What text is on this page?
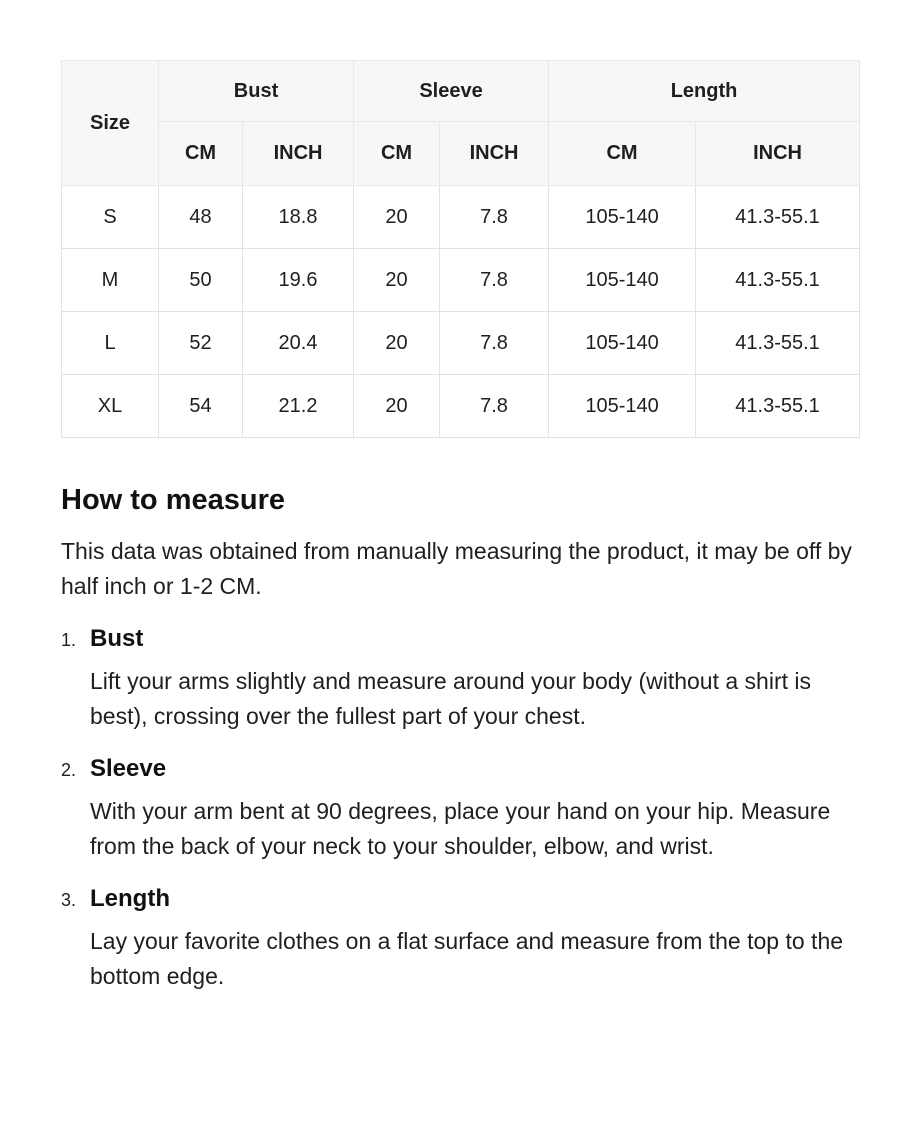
Size	Bust		Sleeve		Length	
	CM	INCH	CM	INCH	CM	INCH
S	48	18.8	20	7.8	105-140	41.3-55.1
M	50	19.6	20	7.8	105-140	41.3-55.1
L	52	20.4	20	7.8	105-140	41.3-55.1
XL	54	21.2	20	7.8	105-140	41.3-55.1
How to measure

This data was obtained from manually measuring the product, it may be off by half inch or 1-2 CM.

1. Bust

Lift your arms slightly and measure around your body (without a shirt is best), crossing over the fullest part of your chest.

2. Sleeve

With your arm bent at 90 degrees, place your hand on your hip. Measure from the back of your neck to your shoulder, elbow, and wrist.

3. Length

Lay your favorite clothes on a flat surface and measure from the top to the bottom edge.
